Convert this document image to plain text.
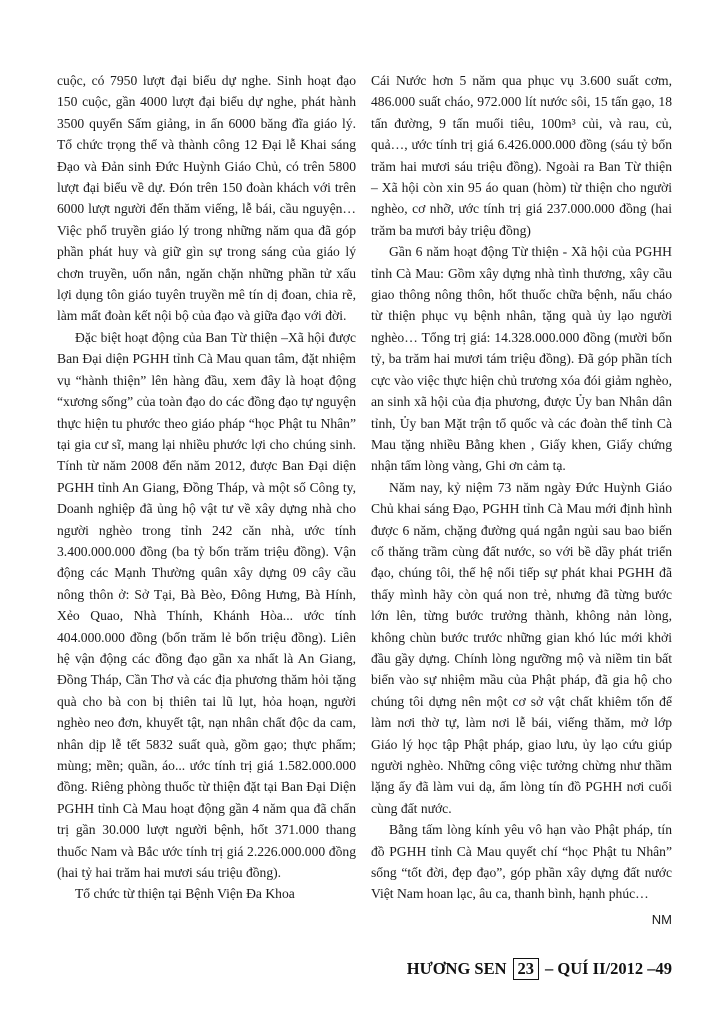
cuộc, có 7950 lượt đại biểu dự nghe. Sinh hoạt đạo 150 cuộc, gần 4000 lượt đại biểu dự nghe, phát hành 3500 quyển Sấm giảng, in ấn 6000 băng đĩa giáo lý. Tổ chức trọng thể và thành công 12 Đại lễ Khai sáng Đạo và Đản sinh Đức Huỳnh Giáo Chủ, có trên 5800 lượt đại biểu về dự. Đón trên 150 đoàn khách với trên 6000 lượt người đến thăm viếng, lễ bái, cầu nguyện…Việc phổ truyền giáo lý trong những năm qua đã góp phần phát huy và giữ gìn sự trong sáng của giáo lý chơn truyền, uốn nắn, ngăn chặn những phần tử xấu lợi dụng tôn giáo tuyên truyền mê tín dị đoan, chia rẽ, làm mất đoàn kết nội bộ của đạo và giữa đạo với đời.

Đặc biệt hoạt động của Ban Từ thiện –Xã hội được Ban Đại diện PGHH tỉnh Cà Mau quan tâm, đặt nhiệm vụ “hành thiện” lên hàng đầu, xem đây là hoạt động “xương sống” của toàn đạo do các đồng đạo tự nguyện thực hiện tu phước theo giáo pháp “học Phật tu Nhân” tại gia cư sĩ, mang lại nhiều phước lợi cho chúng sinh. Tính từ năm 2008 đến năm 2012, được Ban Đại diện PGHH tỉnh An Giang, Đồng Tháp, và một số Công ty, Doanh nghiệp đã ủng hộ vật tư về xây dựng nhà cho người nghèo trong tỉnh 242 căn nhà, ước tính 3.400.000.000 đồng (ba tỷ bốn trăm triệu đồng). Vận động các Mạnh Thường quân xây dựng 09 cây cầu nông thôn ở: Sở Tại, Bà Bèo, Đông Hưng, Bà Hính, Xẻo Quao, Nhà Thính, Khánh Hòa... ước tính 404.000.000 đồng (bốn trăm lẻ bốn triệu đồng). Liên hệ vận động các đồng đạo gần xa nhất là An Giang, Đồng Tháp, Cần Thơ và các địa phương thăm hỏi tặng quà cho bà con bị thiên tai lũ lụt, hỏa hoạn, người nghèo neo đơn, khuyết tật, nạn nhân chất độc da cam, nhân dịp lễ tết 5832 suất quà, gồm gạo; thực phẩm; mùng; mền; quần, áo... ước tính trị giá 1.582.000.000 đồng. Riêng phòng thuốc từ thiện đặt tại Ban Đại Diện PGHH tỉnh Cà Mau hoạt động gần 4 năm qua đã chẩn trị gần 30.000 lượt người bệnh, hốt 371.000 thang thuốc Nam và Bắc ước tính trị giá 2.226.000.000 đồng (hai tỷ hai trăm hai mươi sáu triệu đồng).

Tổ chức từ thiện tại Bệnh Viện Đa Khoa

Cái Nước hơn 5 năm qua phục vụ 3.600 suất cơm, 486.000 suất cháo, 972.000 lít nước sôi, 15 tấn gạo, 18 tấn đường, 9 tấn muối tiêu, 100m³ củi, và rau, củ, quả…, ước tính trị giá 6.426.000.000 đồng (sáu tỷ bốn trăm hai mươi sáu triệu đồng). Ngoài ra Ban Từ thiện – Xã hội còn xin 95 áo quan (hòm) từ thiện cho người nghèo, cơ nhỡ, ước tính trị giá 237.000.000 đồng (hai trăm ba mươi bảy triệu đồng)

Gần 6 năm hoạt động Từ thiện - Xã hội của PGHH tỉnh Cà Mau: Gồm xây dựng nhà tình thương, xây cầu giao thông nông thôn, hốt thuốc chữa bệnh, nấu cháo từ thiện phục vụ bệnh nhân, tặng quà ủy lạo người nghèo… Tổng trị giá: 14.328.000.000 đồng (mười bốn tỷ, ba trăm hai mươi tám triệu đồng). Đã góp phần tích cực vào việc thực hiện chủ trương xóa đói giảm nghèo, an sinh xã hội của địa phương, được Ủy ban Nhân dân tỉnh, Ủy ban Mặt trận tổ quốc và các đoàn thể tỉnh Cà Mau tặng nhiều Bằng khen , Giấy khen, Giấy chứng nhận tấm lòng vàng, Ghi ơn cảm tạ.

Năm nay, kỷ niệm 73 năm ngày Đức Huỳnh Giáo Chủ khai sáng Đạo, PGHH tỉnh Cà Mau mới định hình được 6 năm, chặng đường quá ngắn ngủi sau bao biến cố thăng trầm cùng đất nước, so với bề dầy phát triển đạo, chúng tôi, thế hệ nối tiếp sự phát khai PGHH đã thấy mình hãy còn quá non trẻ, nhưng đã từng bước lớn lên, từng bước trưởng thành, không nản lòng, không chùn bước trước những gian khó lúc mới khởi đầu gầy dựng. Chính lòng ngưỡng mộ và niềm tin bất biến vào sự nhiệm mầu của Phật pháp, đã gia hộ cho chúng tôi dựng nên một cơ sở vật chất khiêm tốn để làm nơi thờ tự, làm nơi lễ bái, viếng thăm, mở lớp Giáo lý học tập Phật pháp, giao lưu, ủy lạo cứu giúp người nghèo. Những công việc tưởng chừng như thầm lặng ấy đã làm vui dạ, ấm lòng tín đồ PGHH nơi cuối cùng đất nước.

Bằng tấm lòng kính yêu vô hạn vào Phật pháp, tín đồ PGHH tỉnh Cà Mau quyết chí “học Phật tu Nhân” sống “tốt đời, đẹp đạo”, góp phần xây dựng đất nước Việt Nam hoan lạc, âu ca, thanh bình, hạnh phúc…

NM
HƯƠNG SEN 23 – QUÍ II/2012 – 49
